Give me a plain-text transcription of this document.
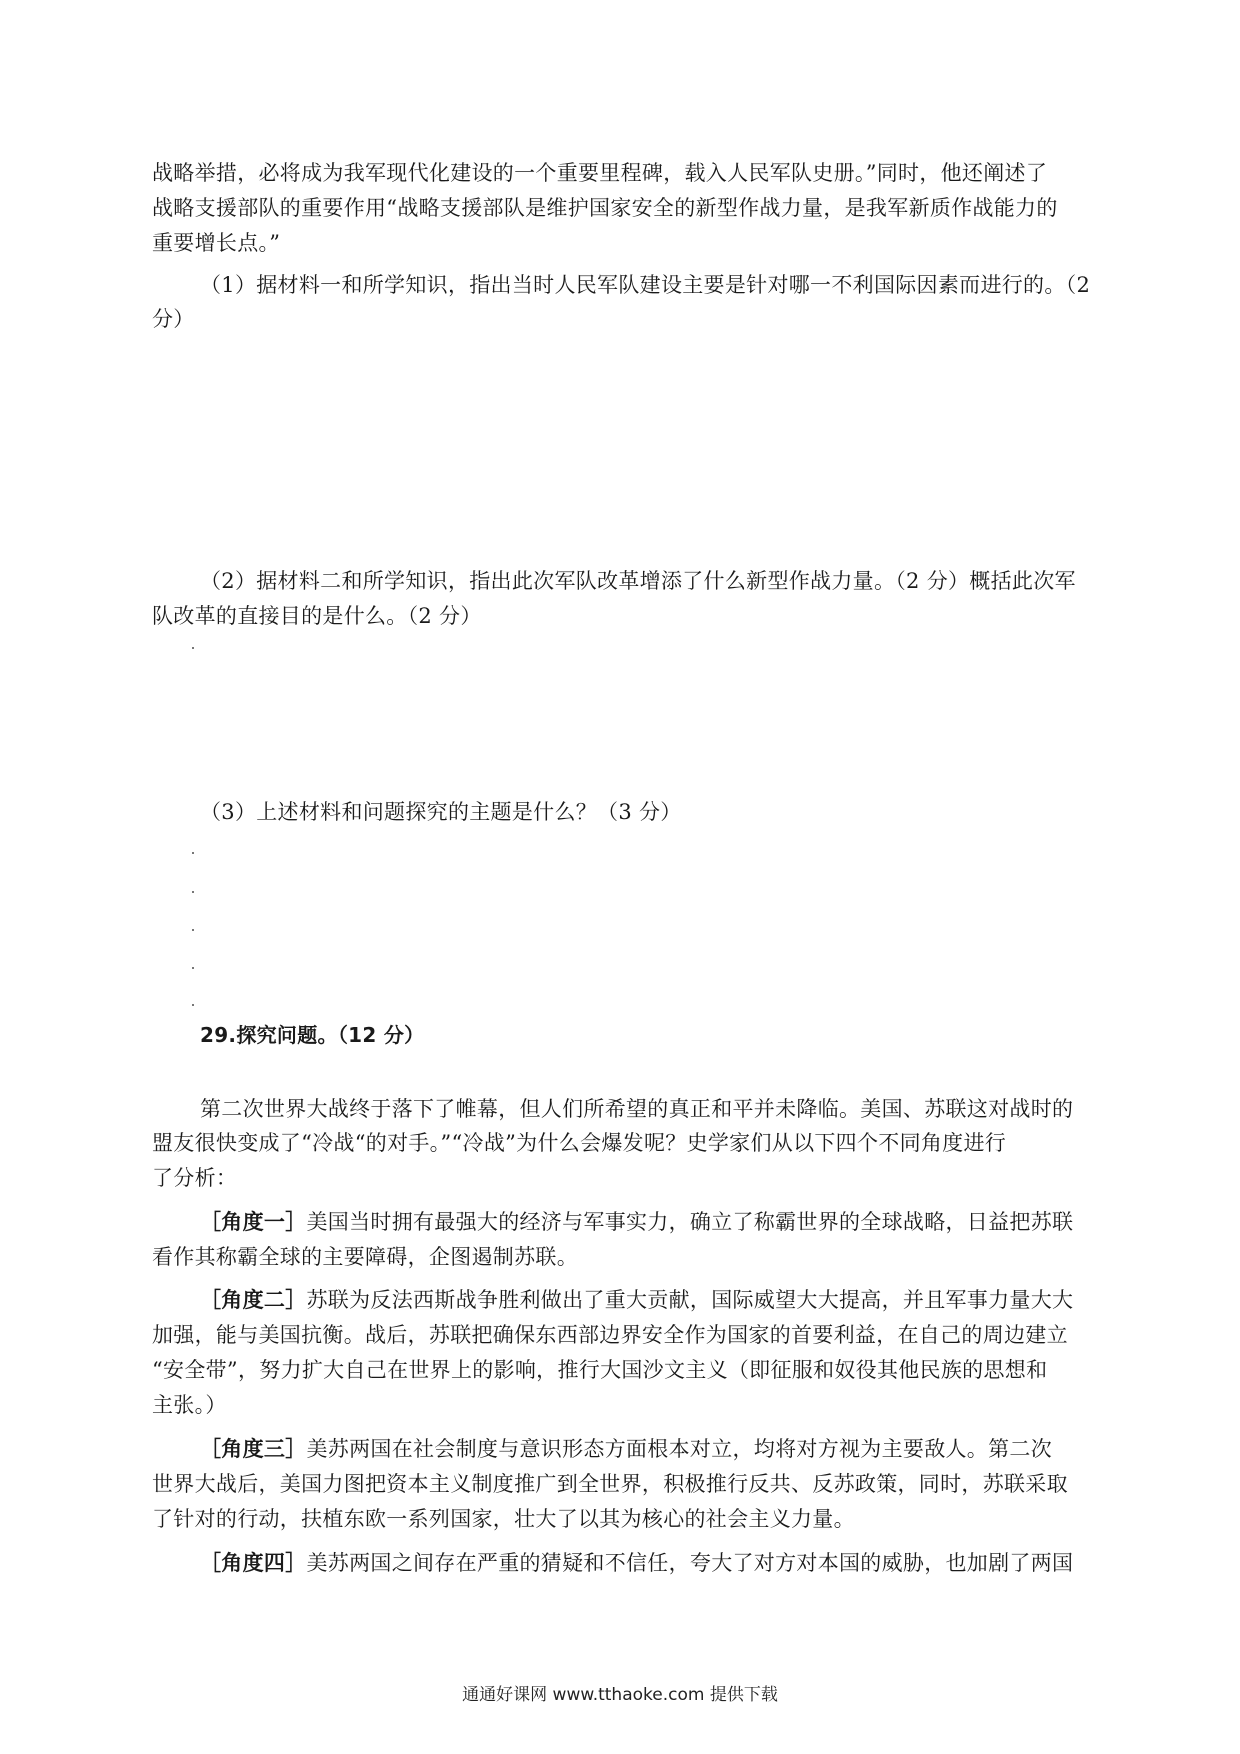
战略举措，必将成为我军现代化建设的一个重要里程碑，载入人民军队史册。”同时，他还阐述了
战略支援部队的重要作用“战略支援部队是维护国家安全的新型作战力量，是我军新质作战能力的
重要增长点。”
（1）据材料一和所学知识，指出当时人民军队建设主要是针对哪一不利国际因素而进行的。（2
分）
（2）据材料二和所学知识，指出此次军队改革增添了什么新型作战力量。（2 分）概括此次军
队改革的直接目的是什么。（2 分）
（3）上述材料和问题探究的主题是什么？（3 分）
29.探究问题。（12 分）
第二次世界大战终于落下了帷幕，但人们所希望的真正和平并未降临。美国、苏联这对战时的
盟友很快变成了“冷战“的对手。”“冷战”为什么会爆发呢？史学家们从以下四个不同角度进行
了分析：
［角度一］美国当时拥有最强大的经济与军事实力，确立了称霸世界的全球战略，日益把苏联
看作其称霸全球的主要障碍，企图遏制苏联。
［角度二］苏联为反法西斯战争胜利做出了重大贡献，国际威望大大提高，并且军事力量大大
加强，能与美国抗衡。战后，苏联把确保东西部边界安全作为国家的首要利益，在自己的周边建立
“安全带”，努力扩大自己在世界上的影响，推行大国沙文主义（即征服和奴役其他民族的思想和
主张。）
［角度三］美苏两国在社会制度与意识形态方面根本对立，均将对方视为主要敌人。第二次
世界大战后，美国力图把资本主义制度推广到全世界，积极推行反共、反苏政策，同时，苏联采取
了针对的行动，扶植东欧一系列国家，壮大了以其为核心的社会主义力量。
［角度四］美苏两国之间存在严重的猜疑和不信任，夸大了对方对本国的威胁，也加剧了两国
通通好课网 www.tthaoke.com 提供下载
